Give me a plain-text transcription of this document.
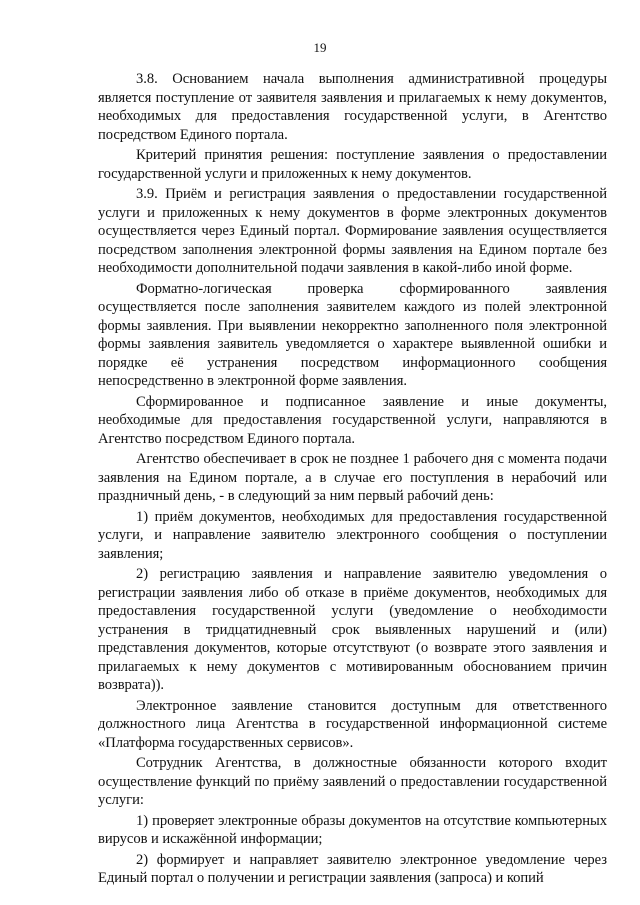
19

3.8. Основанием начала выполнения административной процедуры является поступление от заявителя заявления и прилагаемых к нему документов, необходимых для предоставления государственной услуги, в Агентство посредством Единого портала.

Критерий принятия решения: поступление заявления о предоставлении государственной услуги и приложенных к нему документов.

3.9. Приём и регистрация заявления о предоставлении государственной услуги и приложенных к нему документов в форме электронных документов осуществляется через Единый портал. Формирование заявления осуществляется посредством заполнения электронной формы заявления на Едином портале без необходимости дополнительной подачи заявления в какой-либо иной форме.

Форматно-логическая проверка сформированного заявления осуществляется после заполнения заявителем каждого из полей электронной формы заявления. При выявлении некорректно заполненного поля электронной формы заявления заявитель уведомляется о характере выявленной ошибки и порядке её устранения посредством информационного сообщения непосредственно в электронной форме заявления.

Сформированное и подписанное заявление и иные документы, необходимые для предоставления государственной услуги, направляются в Агентство посредством Единого портала.

Агентство обеспечивает в срок не позднее 1 рабочего дня с момента подачи заявления на Едином портале, а в случае его поступления в нерабочий или праздничный день, - в следующий за ним первый рабочий день:

1) приём документов, необходимых для предоставления государственной услуги, и направление заявителю электронного сообщения о поступлении заявления;

2) регистрацию заявления и направление заявителю уведомления о регистрации заявления либо об отказе в приёме документов, необходимых для предоставления государственной услуги (уведомление о необходимости устранения в тридцатидневный срок выявленных нарушений и (или) представления документов, которые отсутствуют (о возврате этого заявления и прилагаемых к нему документов с мотивированным обоснованием причин возврата)).

Электронное заявление становится доступным для ответственного должностного лица Агентства в государственной информационной системе «Платформа государственных сервисов».

Сотрудник Агентства, в должностные обязанности которого входит осуществление функций по приёму заявлений о предоставлении государственной услуги:

1) проверяет электронные образы документов на отсутствие компьютерных вирусов и искажённой информации;

2) формирует и направляет заявителю электронное уведомление через Единый портал о получении и регистрации заявления (запроса) и копий
